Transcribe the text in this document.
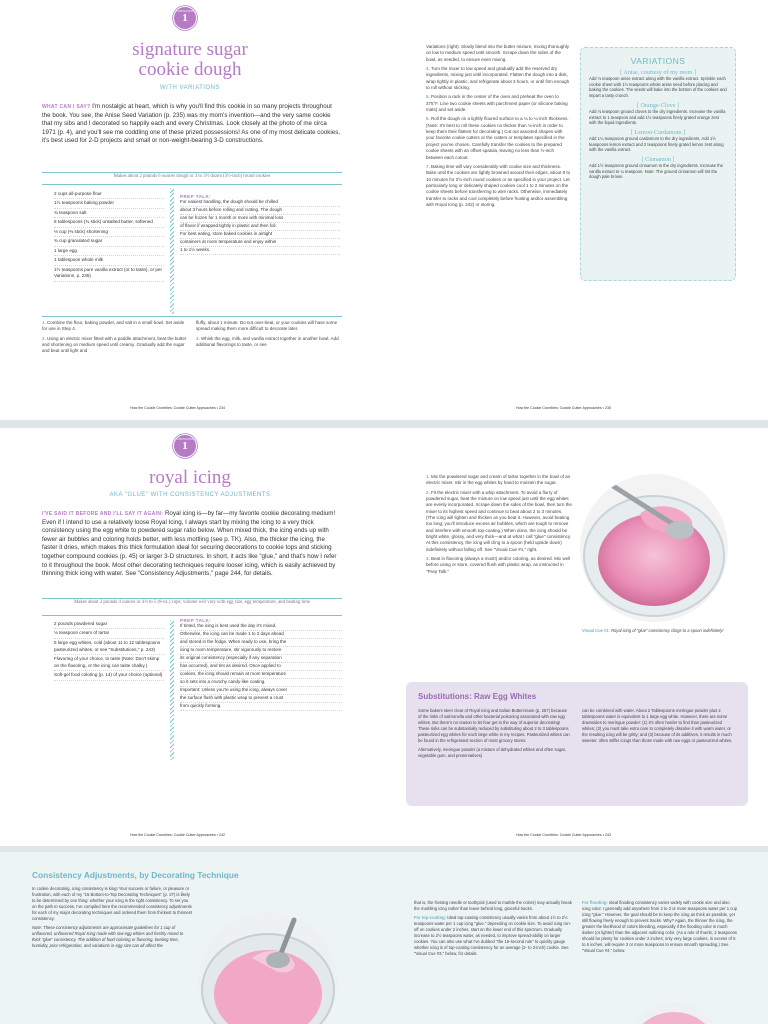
SUPERSONIC
1
signature sugar
cookie dough
WITH VARIATIONS
WHAT CAN I SAY? I'm nostalgic at heart, which is why you'll find this cookie in so many projects throughout the book. You see, the Anise Seed Variation (p. 235) was my mom's invention—and the very same cookie that my sibs and I decorated so happily each and every Christmas. Look closely at the photo of me circa 1971 (p. 4), and you'll see me coddling one of these prized possessions! As one of my most delicate cookies, it's best used for 2-D projects and small or non-weight-bearing 3-D constructions.
Makes about 2 pounds 6 ounces dough or 3 to 3½ dozen (3½-inch) round cookies
2 cups all-purpose flour
1½ teaspoons baking powder
¾ teaspoon salt
6 tablespoons (¾ stick) unsalted butter, softened
⅓ cup (⅔ stick) shortening
¾ cup granulated sugar
1 large egg
1 tablespoon whole milk
1½ teaspoons pure vanilla extract (or to taste), or per Variations, p. 235)
PREP TALK:
For easiest handling, the dough should be chilled
about 3 hours before rolling and cutting. The dough
can be frozen for 1 month or more with minimal loss
of flavor if wrapped tightly in plastic and then foil.
For best eating, store baked cookies in airtight
containers at room temperature and enjoy within
1 to 1½ weeks.
1. Combine the flour, baking powder, and salt in a small bowl. Set aside for use in Step 4.
2. Using an electric mixer fitted with a paddle attachment, beat the butter and shortening on medium speed until creamy. Gradually add the sugar and beat until light and
fluffy, about 1 minute. Do not over-beat, or your cookies will have some spread making them more difficult to decorate later.
3. Whisk the egg, milk, and vanilla extract together in another bowl. Add additional flavorings to taste, or see
How the Cookie Crumbles: Cookie Cutter Approaches • 234
Variations (right). Slowly blend into the butter mixture, mixing thoroughly on low to medium speed until smooth. Scrape down the sides of the bowl, as needed, to ensure even mixing.
4. Turn the mixer to low speed and gradually add the reserved dry ingredients, mixing just until incorporated. Flatten the dough into a disk, wrap tightly in plastic, and refrigerate about 3 hours, or until firm enough to roll without sticking.
5. Position a rack in the center of the oven and preheat the oven to 375°F. Line two cookie sheets with parchment paper (or silicone baking mats) and set aside.
6. Roll the dough on a lightly floured surface to a ⅛ to ¼-inch thickness. (Note: It's best to roll these cookies no thicker than ⅛-inch in order to keep them their flattest for decorating.) Cut out assorted shapes with your favorite cookie cutters or the cutters or templates specified in the project you've chosen. Carefully transfer the cookies to the prepared cookie sheets with an offset spatula, leaving no less than ½-inch between each cutout.
7. Baking time will vary considerably with cookie size and thickness. Bake until the cookies are lightly browned around their edges, about 8 to 10 minutes for 2½-inch round cookies or as specified in your project. Let particularly long or delicately shaped cookies cool 1 to 2 minutes on the cookie sheets before transferring to wire racks. Otherwise, immediately transfer to racks and cool completely before frosting and/or assembling with Royal Icing (p. 242) or storing.
VARIATIONS
[ Anise, courtesy of my mom ]
Add ⅛ teaspoon anise extract along with the vanilla extract. Sprinkle each cookie sheet with 1½ teaspoons whole anise seed before placing and baking the cookies. The seeds will bake into the bottom of the cookies and impart a tasty crunch.
[ Orange-Clove ]
Add ⅛ teaspoon ground cloves to the dry ingredients. Increase the vanilla extract to 1 teaspoon and add 1½ teaspoons finely grated orange zest with the liquid ingredients.
[ Lemon-Cardamom ]
Add 1¼ teaspoons ground cardamom to the dry ingredients. Add 1½ teaspoons lemon extract and 2 teaspoons finely grated lemon zest along with the vanilla extract.
[ Cinnamon ]
Add 1½ teaspoons ground cinnamon to the dry ingredients. Increase the vanilla extract to ¼ teaspoon. Note: The ground cinnamon will tint the dough pale brown.
How the Cookie Crumbles: Cookie Cutter Approaches • 235
SUPERSONIC
1
royal icing
AKA "GLUE" WITH CONSISTENCY ADJUSTMENTS
I'VE SAID IT BEFORE AND I'LL SAY IT AGAIN: Royal icing is—by far—my favorite cookie decorating medium! Even if I intend to use a relatively loose Royal Icing, I always start by mixing the icing to a very thick consistency using the egg white to powdered sugar ratio below. When mixed thick, the icing ends up with fewer air bubbles and coloring holds better, with less mottling (see p. TK). Also, the thicker the icing, the faster it dries, which makes this thick formulation ideal for securing decorations to cookie tops and sticking together compound cookies (p. 45) or larger 3-D structures. In short, it acts like "glue," and that's how I refer to it throughout the book. Most other decorating techniques require looser icing, which is easily achieved by thinning thick icing with water. See "Consistency Adjustments," page 244, for details.
Makes about 2 pounds 4 ounces or 4⅔ to 5 (8-oz.) cups; volume will vary with egg size, egg temperature, and beating time
2 pounds powdered sugar
⅛ teaspoon cream of tartar
5 large egg whites, cold (about 11 to 12 tablespoons pasteurized whites, or see "Substitutions," p. 243)
Flavoring of your choice, to taste (Note: Don't skimp on the flavoring, or the icing can taste chalky.)
Soft-gel food coloring (p. 14) of your choice (optional)
PREP TALK:
If tinted, the icing is best used the day it's mixed.
Otherwise, the icing can be made 1 to 2 days ahead
and stored in the fridge. When ready to use, bring the
icing to room temperature, stir vigorously to restore
its original consistency (especially if any separation
has occurred), and tint as desired. Once applied to
cookies, the icing should remain at room temperature
so it sets into a crunchy candy-like coating.
Important: Unless you're using the icing, always cover
the surface flush with plastic wrap to prevent a crust
from quickly forming.
How the Cookie Crumbles: Cookie Cutter Approaches • 242
1. Mix the powdered sugar and cream of tartar together in the bowl of an electric mixer. Stir in the egg whites by hand to moisten the sugar.
2. Fit the electric mixer with a whip attachment. To avoid a flurry of powdered sugar, beat the mixture on low speed just until the egg whites are evenly incorporated. Scrape down the sides of the bowl, then turn the mixer to its highest speed and continue to beat about 2 to 3 minutes. (The icing will lighten and thicken as you beat it. However, avoid beating too long; you'll introduce excess air bubbles, which are tough to remove and interfere with smooth top-coating.) When done, the icing should be bright white, glossy, and very thick—and at what I call "glue" consistency. At this consistency, the icing will cling to a spoon (held upside down) indefinitely without falling off. See "Visual Cue #1," right.
3. Beat in flavoring (always a must!) and/or coloring, as desired. Mix well before using or store, covered flush with plastic wrap, as instructed in "Prep Talk."
Visual Cue #1: Royal icing of "glue" consistency clings to a spoon indefinitely!
Substitutions: Raw Egg Whites
Some bakers steer clear of Royal Icing and Italian Buttercream (p. 257) because of the risks of salmonella and other bacterial poisoning associated with raw egg whites. But there's no reason to let fear get in the way of superior decorating! These risks can be substantially reduced by substituting about 2 to 3 tablespoons pasteurized egg whites for each large white in my recipes. Pasteurized whites can be found in the refrigerated section of most grocery stores.
Alternatively, meringue powder (a mixture of dehydrated whites and often sugar, vegetable gum, and preservatives)
can be combined with water. About 2 Tablespoons meringue powder plus 2 tablespoons water is equivalent to 1 large egg white. However, there are some downsides to meringue powder: (1) it's often harder to find than pasteurized whites; (2) you must take extra care to completely dissolve it with warm water, or the resulting icing will be gritty; and (3) because of its additives, it results in much sweeter, often stiffer icings than those made with raw eggs or pasteurized whites.
How the Cookie Crumbles: Cookie Cutter Approaches • 243
Consistency Adjustments, by Decorating Technique
In cookie decorating, icing consistency is king! Your success or failure, or pleasure or frustration, with each of my "15 Bottom-to-Top Decorating Techniques" (p. 27) is likely to be determined by one thing: whether your icing is the right consistency. To set you on the path to success, I've compiled here the recommended consistency adjustments for each of my major decorating techniques and ordered them from thickest to thinnest consistency.
Note: These consistency adjustments are approximate guidelines for 1 cup of unflavored, unflavored Royal Icing made with raw egg whites and freshly mixed to thick "glue" consistency. The addition of food coloring or flavoring, beating time, humidity, prior refrigeration, and variations in egg size can all affect the
that is, the frosting needle or toothpick (used to marble the colors) may actually break the marbling icing rather than leave behind long, graceful tracks.
For top-coating: Ideal top-coating consistency usually varies from about 1½ to 2½ teaspoons water per 1 cup icing "glue," depending on cookie size. To avoid icing run-off on cookies under 2 inches, start on the lower end of this spectrum. Gradually increase to 2½ teaspoons water, as needed, to improve spread-ability on larger cookies. You can also use what I've dubbed "the 15-second rule" to quickly gauge whether icing is of top-coating consistency for an average (2- to 3-inch) cookie. See "Visual Cue #3," below, for details.
For flooding: Ideal flooding consistency varies widely with cookie size and also icing color. I generally add anywhere from 2 to 3 or more teaspoons water per 1 cup icing "glue." However, the goal should be to keep the icing as thick as possible, yet still flowing freely enough to prevent tracks. Why? Again, the thinner the icing, the greater the likelihood of colors bleeding, especially if the flooding color is much darker (or lighter) than the adjacent outlining color. (As a rule of thumb, 2 teaspoons should be plenty for cookies under 2 inches; only very large cookies, in excess of 5 to 6 inches, will require 3 or more teaspoons to ensure smooth spreading.) See "Visual Cue #4," below.
